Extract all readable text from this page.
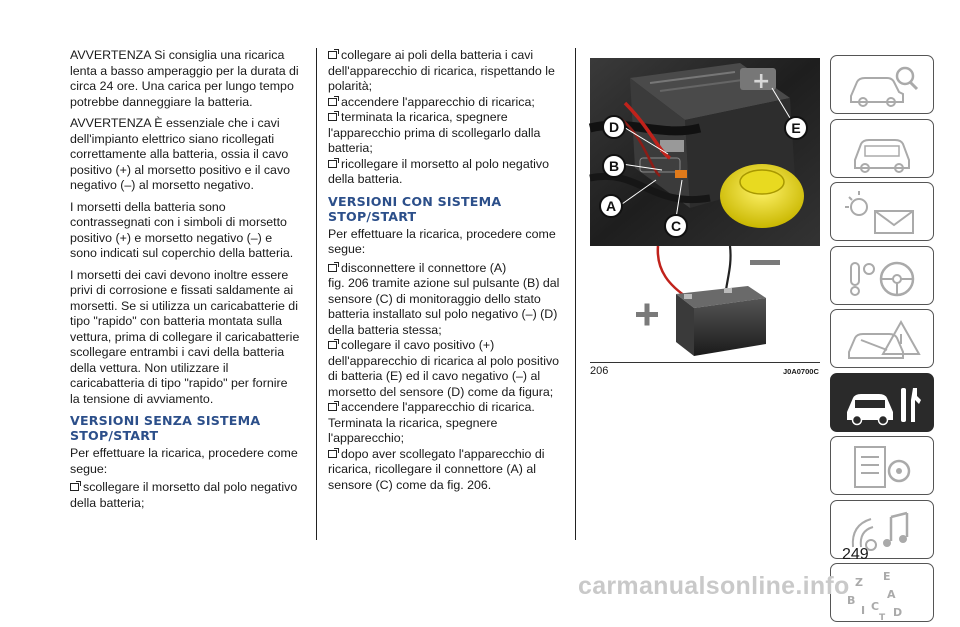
AVVERTENZA Si consiglia una ricarica lenta a basso amperaggio per la durata di circa 24 ore. Una carica per lungo tempo potrebbe danneggiare la batteria.

AVVERTENZA È essenziale che i cavi dell'impianto elettrico siano ricollegati correttamente alla batteria, ossia il cavo positivo (+) al morsetto positivo e il cavo negativo (–) al morsetto negativo.

I morsetti della batteria sono contrassegnati con i simboli di morsetto positivo (+) e morsetto negativo (–) e sono indicati sul coperchio della batteria.

I morsetti dei cavi devono inoltre essere privi di corrosione e fissati saldamente ai morsetti. Se si utilizza un caricabatterie di tipo "rapido" con batteria montata sulla vettura, prima di collegare il caricabatterie scollegare entrambi i cavi della batteria della vettura. Non utilizzare il caricabatteria di tipo "rapido" per fornire la tensione di avviamento.

VERSIONI SENZA SISTEMA STOP/START

Per effettuare la ricarica, procedere come segue:

scollegare il morsetto dal polo negativo della batteria;
collegare ai poli della batteria i cavi dell'apparecchio di ricarica, rispettando le polarità;
accendere l'apparecchio di ricarica;
terminata la ricarica, spegnere l'apparecchio prima di scollegarlo dalla batteria;
ricollegare il morsetto al polo negativo della batteria.
VERSIONI CON SISTEMA STOP/START

Per effettuare la ricarica, procedere come segue:

disconnettere il connettore (A)
fig. 206 tramite azione sul pulsante (B) dal sensore (C) di monitoraggio dello stato batteria installato sul polo negativo (–) (D) della batteria stessa;
collegare il cavo positivo (+) dell'apparecchio di ricarica al polo positivo di batteria (E) ed il cavo negativo (–) al morsetto del sensore (D) come da figura;
accendere l'apparecchio di ricarica. Terminata la ricarica, spegnere l'apparecchio;
dopo aver scollegato l'apparecchio di ricarica, ricollegare il connettore (A) al sensore (C) come da fig. 206.
+
D
B
A
C
E
206	J0A0700C
Z E
B	A
I C D
T
249
carmanualsonline.info
